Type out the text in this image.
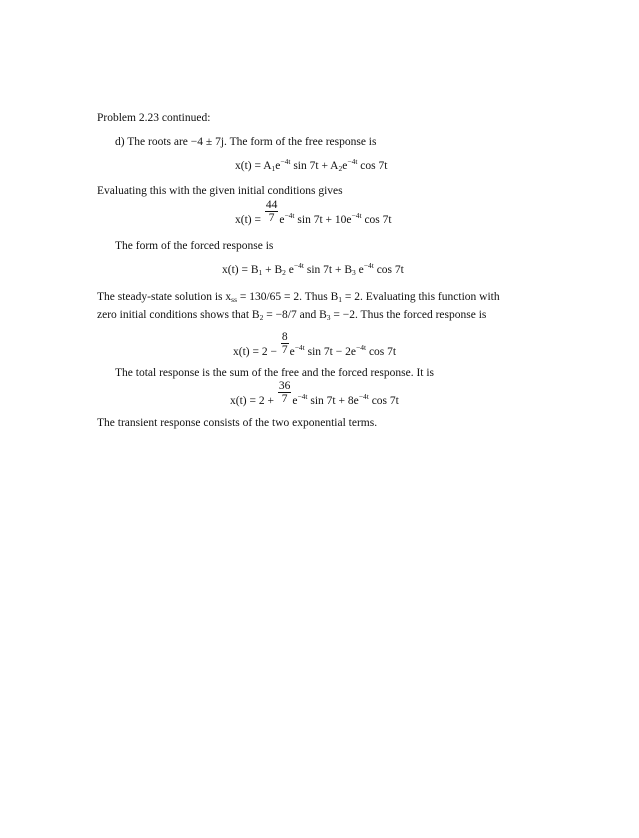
Problem 2.23 continued:
d) The roots are −4 ± 7j. The form of the free response is
$x(t) = A_1e^{-4t}$ $\sin 7t + A_2e^{-4t}$ cos 7t
Evaluating this with the given initial conditions gives
$x(t) = \frac{44}{7} e^{-4t}$ $\sin 7t + 10e^{-4t}$ cos 7t
The form of the forced response is
$x(t) = B_1 + B_2$ $e^{-4t}$ $\sin 7t + B_3$ $e^{-4t}$ cos 7t
The steady-state solution is $x_{ss} = 130/65 = 2$. Thus $B_1 = 2$. Evaluating this function with
zero initial conditions shows that $B_2 = -8/7$ and $B_3 = -2$. Thus the forced response is
$x(t) = 2 - \frac{8}{7} e^{-4t}$ $\sin 7t - 2e^{-4t}$ cos 7t
The total response is the sum of the free and the forced response. It is
$x(t) = 2 + \frac{36}{7} e^{-4t}$ $\sin 7t + 8e^{-4t}$ cos 7t
The transient response consists of the two exponential terms.
